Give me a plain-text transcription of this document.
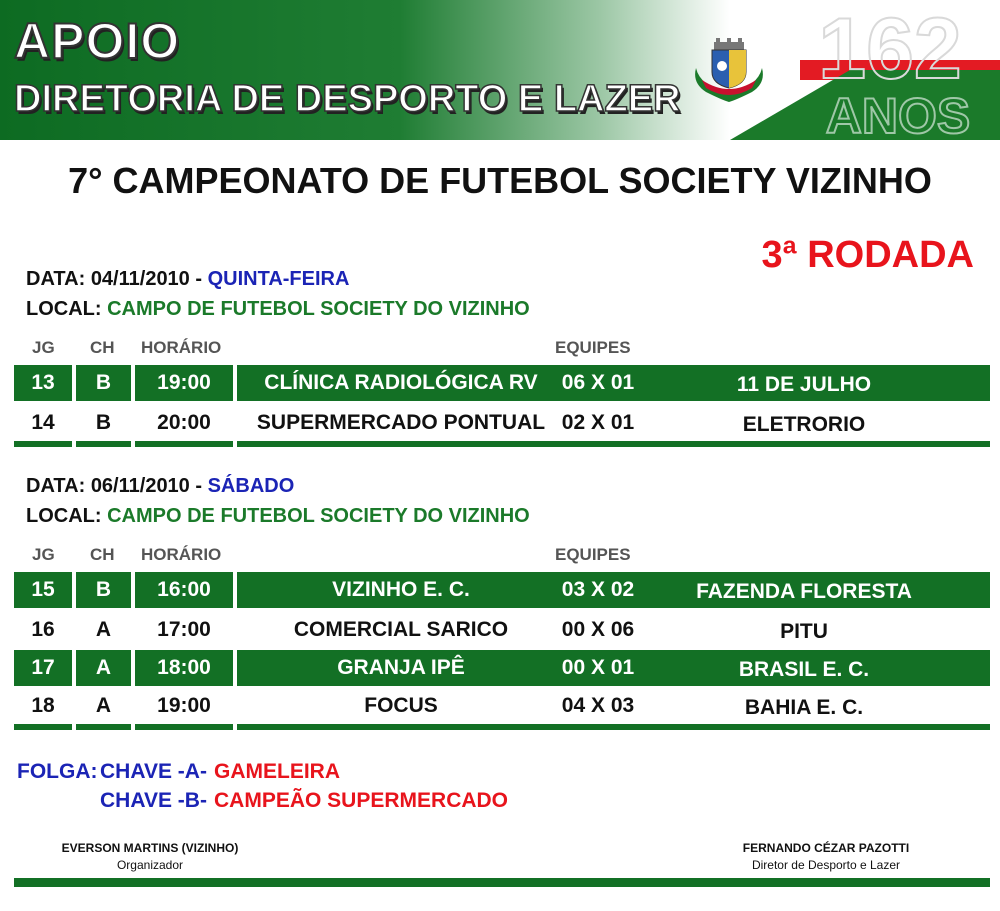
APOIO
DIRETORIA DE DESPORTO E LAZER
162
ANOS
7° CAMPEONATO DE FUTEBOL SOCIETY VIZINHO
3ª RODADA
DATA: 04/11/2010 - QUINTA-FEIRA
LOCAL: CAMPO DE FUTEBOL SOCIETY DO VIZINHO
JG CH HORÁRIO	EQUIPES
13	B	19:00	CLÍNICA RADIOLÓGICA RV	06 X 01	11 DE JULHO
14	B	20:00	SUPERMERCADO PONTUAL 02 X 01	ELETRORIO
DATA: 06/11/2010 - SÁBADO
LOCAL: CAMPO DE FUTEBOL SOCIETY DO VIZINHO
JG CH HORÁRIO	EQUIPES
15	B	16:00	VIZINHO E. C.	03 X 02	FAZENDA FLORESTA
16	A	17:00	COMERCIAL SARICO	00 X 06	PITU
17	A	18:00	GRANJA IPÊ	00 X 01	BRASIL E. C.
18	A	19:00	FOCUS	04 X 03	BAHIA E. C.
FOLGA: CHAVE -A- GAMELEIRA
CHAVE -B- CAMPEÃO SUPERMERCADO
EVERSON MARTINS (VIZINHO)
Organizador
FERNANDO CÉZAR PAZOTTI
Diretor de Desporto e Lazer
